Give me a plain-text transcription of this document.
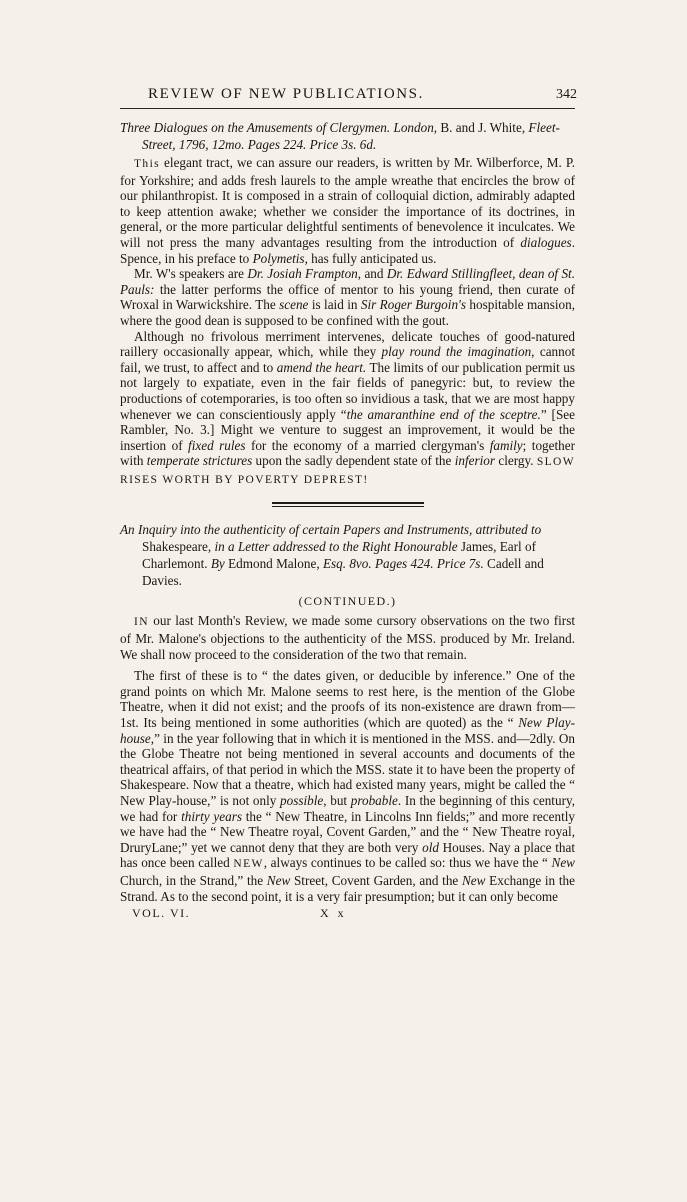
REVIEW OF NEW PUBLICATIONS.	342

Three Dialogues on the Amusements of Clergymen. London, B. and J. White, Fleet-Street, 1796, 12mo. Pages 224. Price 3s. 6d.

This elegant tract, we can assure our readers, is written by Mr. Wilberforce, M. P. for Yorkshire; and adds fresh laurels to the ample wreathe that encircles the brow of our philanthropist. It is composed in a strain of colloquial diction, admirably adapted to keep attention awake; whether we consider the importance of its doctrines, in general, or the more particular delightful sentiments of benevolence it inculcates. We will not press the many advantages resulting from the introduction of dialogues. Spence, in his preface to Polymetis, has fully anticipated us.

Mr. W's speakers are Dr. Josiah Frampton, and Dr. Edward Stillingfleet, dean of St. Pauls: the latter performs the office of mentor to his young friend, then curate of Wroxal in Warwickshire. The scene is laid in Sir Roger Burgoin's hospitable mansion, where the good dean is supposed to be confined with the gout.

Although no frivolous merriment intervenes, delicate touches of good-natured raillery occasionally appear, which, while they play round the imagination, cannot fail, we trust, to affect and to amend the heart. The limits of our publication permit us not largely to expatiate, even in the fair fields of panegyric: but, to review the productions of cotemporaries, is too often so invidious a task, that we are most happy whenever we can conscientiously apply “the amaranthine end of the sceptre.” [See Rambler, No. 3.] Might we venture to suggest an improvement, it would be the insertion of fixed rules for the economy of a married clergyman's family; together with temperate strictures upon the sadly dependent state of the inferior clergy. SLOW RISES WORTH BY POVERTY DEPREST!

An Inquiry into the authenticity of certain Papers and Instruments, attributed to Shakespeare, in a Letter addressed to the Right Honourable James, Earl of Charlemont. By Edmond Malone, Esq. 8vo. Pages 424. Price 7s. Cadell and Davies.

(CONTINUED.)

IN our last Month's Review, we made some cursory observations on the two first of Mr. Malone's objections to the authenticity of the MSS. produced by Mr. Ireland. We shall now proceed to the consideration of the two that remain.

The first of these is to “ the dates given, or deducible by inference.” One of the grand points on which Mr. Malone seems to rest here, is the mention of the Globe Theatre, when it did not exist; and the proofs of its non-existence are drawn from—1st. Its being mentioned in some authorities (which are quoted) as the “ New Play-house,” in the year following that in which it is mentioned in the MSS. and—2dly. On the Globe Theatre not being mentioned in several accounts and documents of the theatrical affairs, of that period in which the MSS. state it to have been the property of Shakespeare. Now that a theatre, which had existed many years, might be called the “ New Play-house,” is not only possible, but probable. In the beginning of this century, we had for thirty years the “ New Theatre, in Lincolns Inn fields;” and more recently we have had the “ New Theatre royal, Covent Garden,” and the “ New Theatre royal, DruryLane;” yet we cannot deny that they are both very old Houses. Nay a place that has once been called NEW, always continues to be called so: thus we have the “ New Church, in the Strand,” the New Street, Covent Garden, and the New Exchange in the Strand. As to the second point, it is a very fair presumption; but it can only become

VOL. VI.	X x
